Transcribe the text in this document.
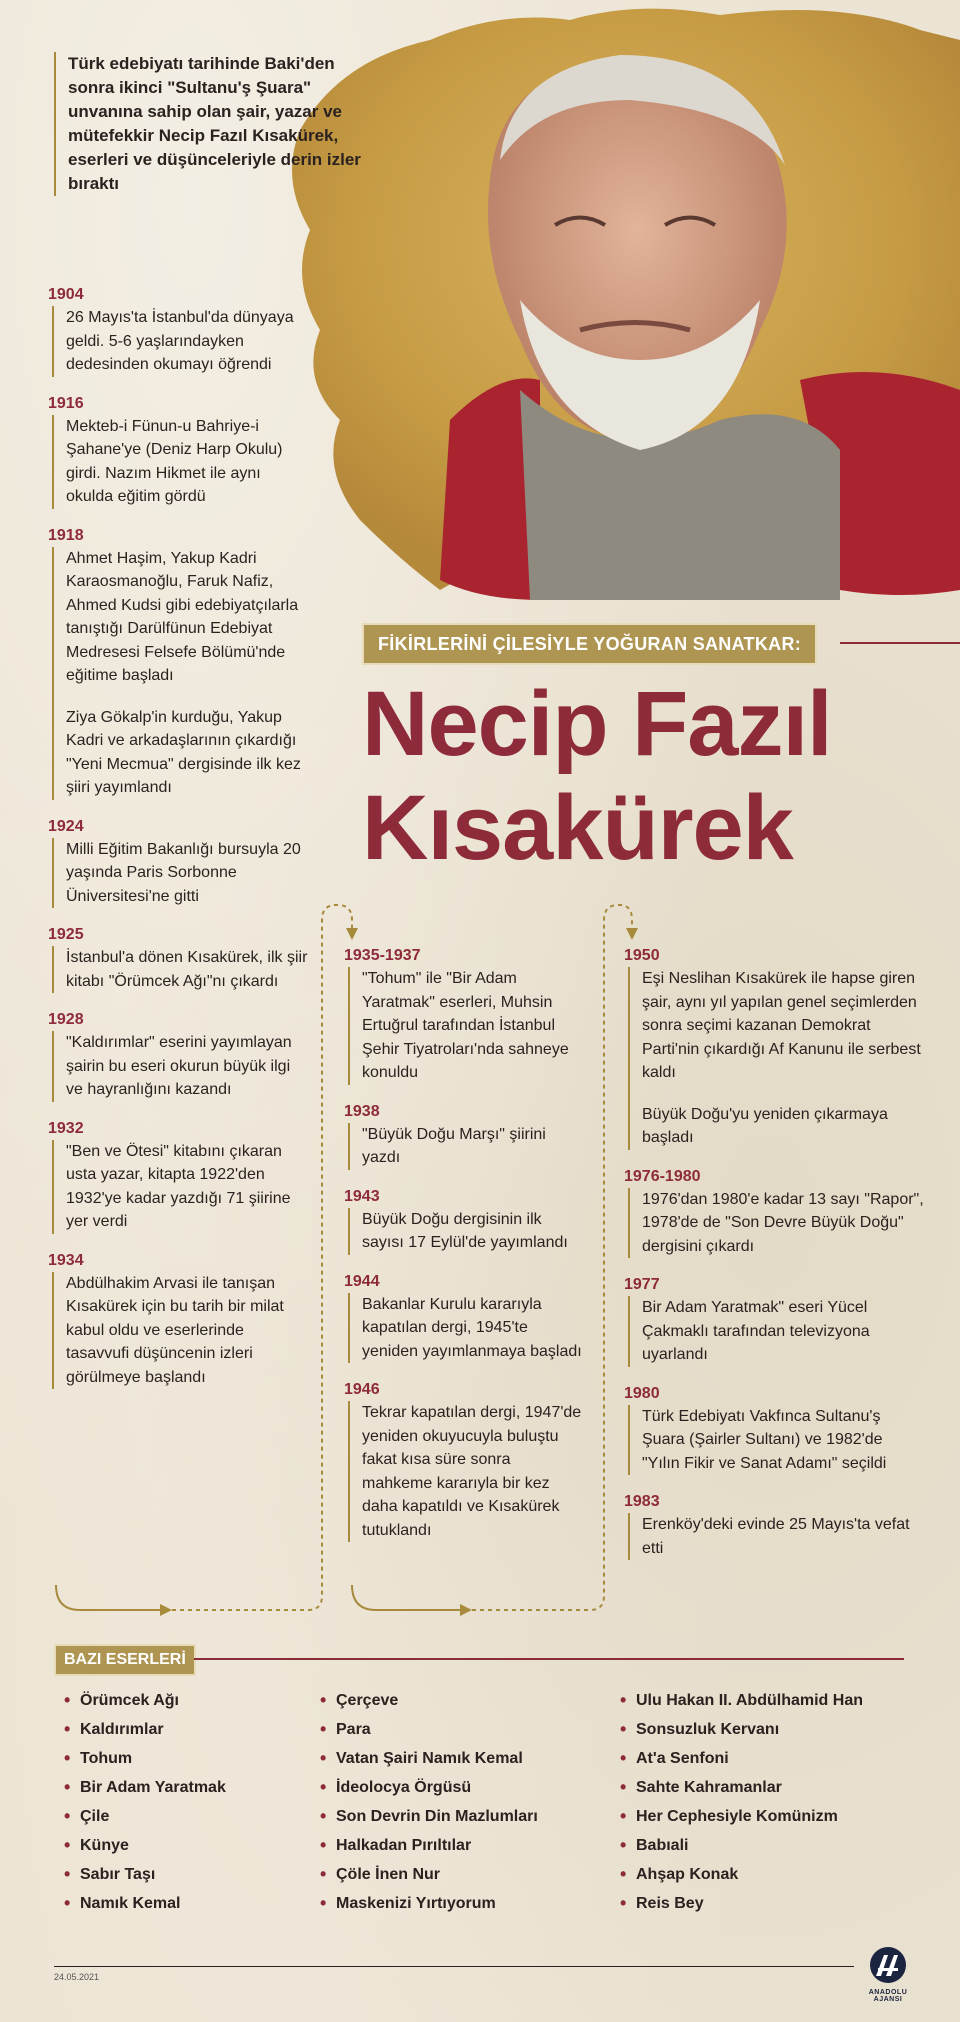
Türk edebiyatı tarihinde Baki'den sonra ikinci "Sultanu'ş Şuara" unvanına sahip olan şair, yazar ve mütefekkir Necip Fazıl Kısakürek, eserleri ve düşünceleriyle derin izler bıraktı
FİKİRLERİNİ ÇİLESİYLE YOĞURAN SANATKAR:
Necip Fazıl
Kısakürek
1904
26 Mayıs'ta İstanbul'da dünyaya geldi. 5-6 yaşlarındayken dedesinden okumayı öğrendi
1916
Mekteb-i Fünun-u Bahriye-i Şahane'ye (Deniz Harp Okulu) girdi. Nazım Hikmet ile aynı okulda eğitim gördü
1918
Ahmet Haşim, Yakup Kadri Karaosmanoğlu, Faruk Nafiz, Ahmed Kudsi gibi edebiyatçılarla tanıştığı Darülfünun Edebiyat Medresesi Felsefe Bölümü'nde eğitime başladı
Ziya Gökalp'in kurduğu, Yakup Kadri ve arkadaşlarının çıkardığı "Yeni Mecmua" dergisinde ilk kez şiiri yayımlandı
1924
Milli Eğitim Bakanlığı bursuyla 20 yaşında Paris Sorbonne Üniversitesi'ne gitti
1925
İstanbul'a dönen Kısakürek, ilk şiir kitabı "Örümcek Ağı"nı çıkardı
1928
"Kaldırımlar" eserini yayımlayan şairin bu eseri okurun büyük ilgi ve hayranlığını kazandı
1932
"Ben ve Ötesi" kitabını çıkaran usta yazar, kitapta 1922'den 1932'ye kadar yazdığı 71 şiirine yer verdi
1934
Abdülhakim Arvasi ile tanışan Kısakürek için bu tarih bir milat kabul oldu ve eserlerinde tasavvufi düşüncenin izleri görülmeye başlandı
1935-1937
"Tohum" ile "Bir Adam Yaratmak" eserleri, Muhsin Ertuğrul tarafından İstanbul Şehir Tiyatroları'nda sahneye konuldu
1938
"Büyük Doğu Marşı" şiirini yazdı
1943
Büyük Doğu dergisinin ilk sayısı 17 Eylül'de yayımlandı
1944
Bakanlar Kurulu kararıyla kapatılan dergi, 1945'te yeniden yayımlanmaya başladı
1946
Tekrar kapatılan dergi, 1947'de yeniden okuyucuyla buluştu fakat kısa süre sonra mahkeme kararıyla bir kez daha kapatıldı ve Kısakürek tutuklandı
1950
Eşi Neslihan Kısakürek ile hapse giren şair, aynı yıl yapılan genel seçimlerden sonra seçimi kazanan Demokrat Parti'nin çıkardığı Af Kanunu ile serbest kaldı
Büyük Doğu'yu yeniden çıkarmaya başladı
1976-1980
1976'dan 1980'e kadar 13 sayı "Rapor", 1978'de de "Son Devre Büyük Doğu" dergisini çıkardı
1977
Bir Adam Yaratmak" eseri Yücel Çakmaklı tarafından televizyona uyarlandı
1980
Türk Edebiyatı Vakfınca Sultanu'ş Şuara (Şairler Sultanı) ve 1982'de "Yılın Fikir ve Sanat Adamı" seçildi
1983
Erenköy'deki evinde 25 Mayıs'ta vefat etti
BAZI ESERLERİ
• Örümcek Ağı
• Kaldırımlar
• Tohum
• Bir Adam Yaratmak
• Çile
• Künye
• Sabır Taşı
• Namık Kemal
• Çerçeve
• Para
• Vatan Şairi Namık Kemal
• İdeolocya Örgüsü
• Son Devrin Din Mazlumları
• Halkadan Pırıltılar
• Çöle İnen Nur
• Maskenizi Yırtıyorum
• Ulu Hakan II. Abdülhamid Han
• Sonsuzluk Kervanı
• At'a Senfoni
• Sahte Kahramanlar
• Her Cephesiyle Komünizm
• Babıali
• Ahşap Konak
• Reis Bey
24.05.2021
ANADOLU AJANSI
